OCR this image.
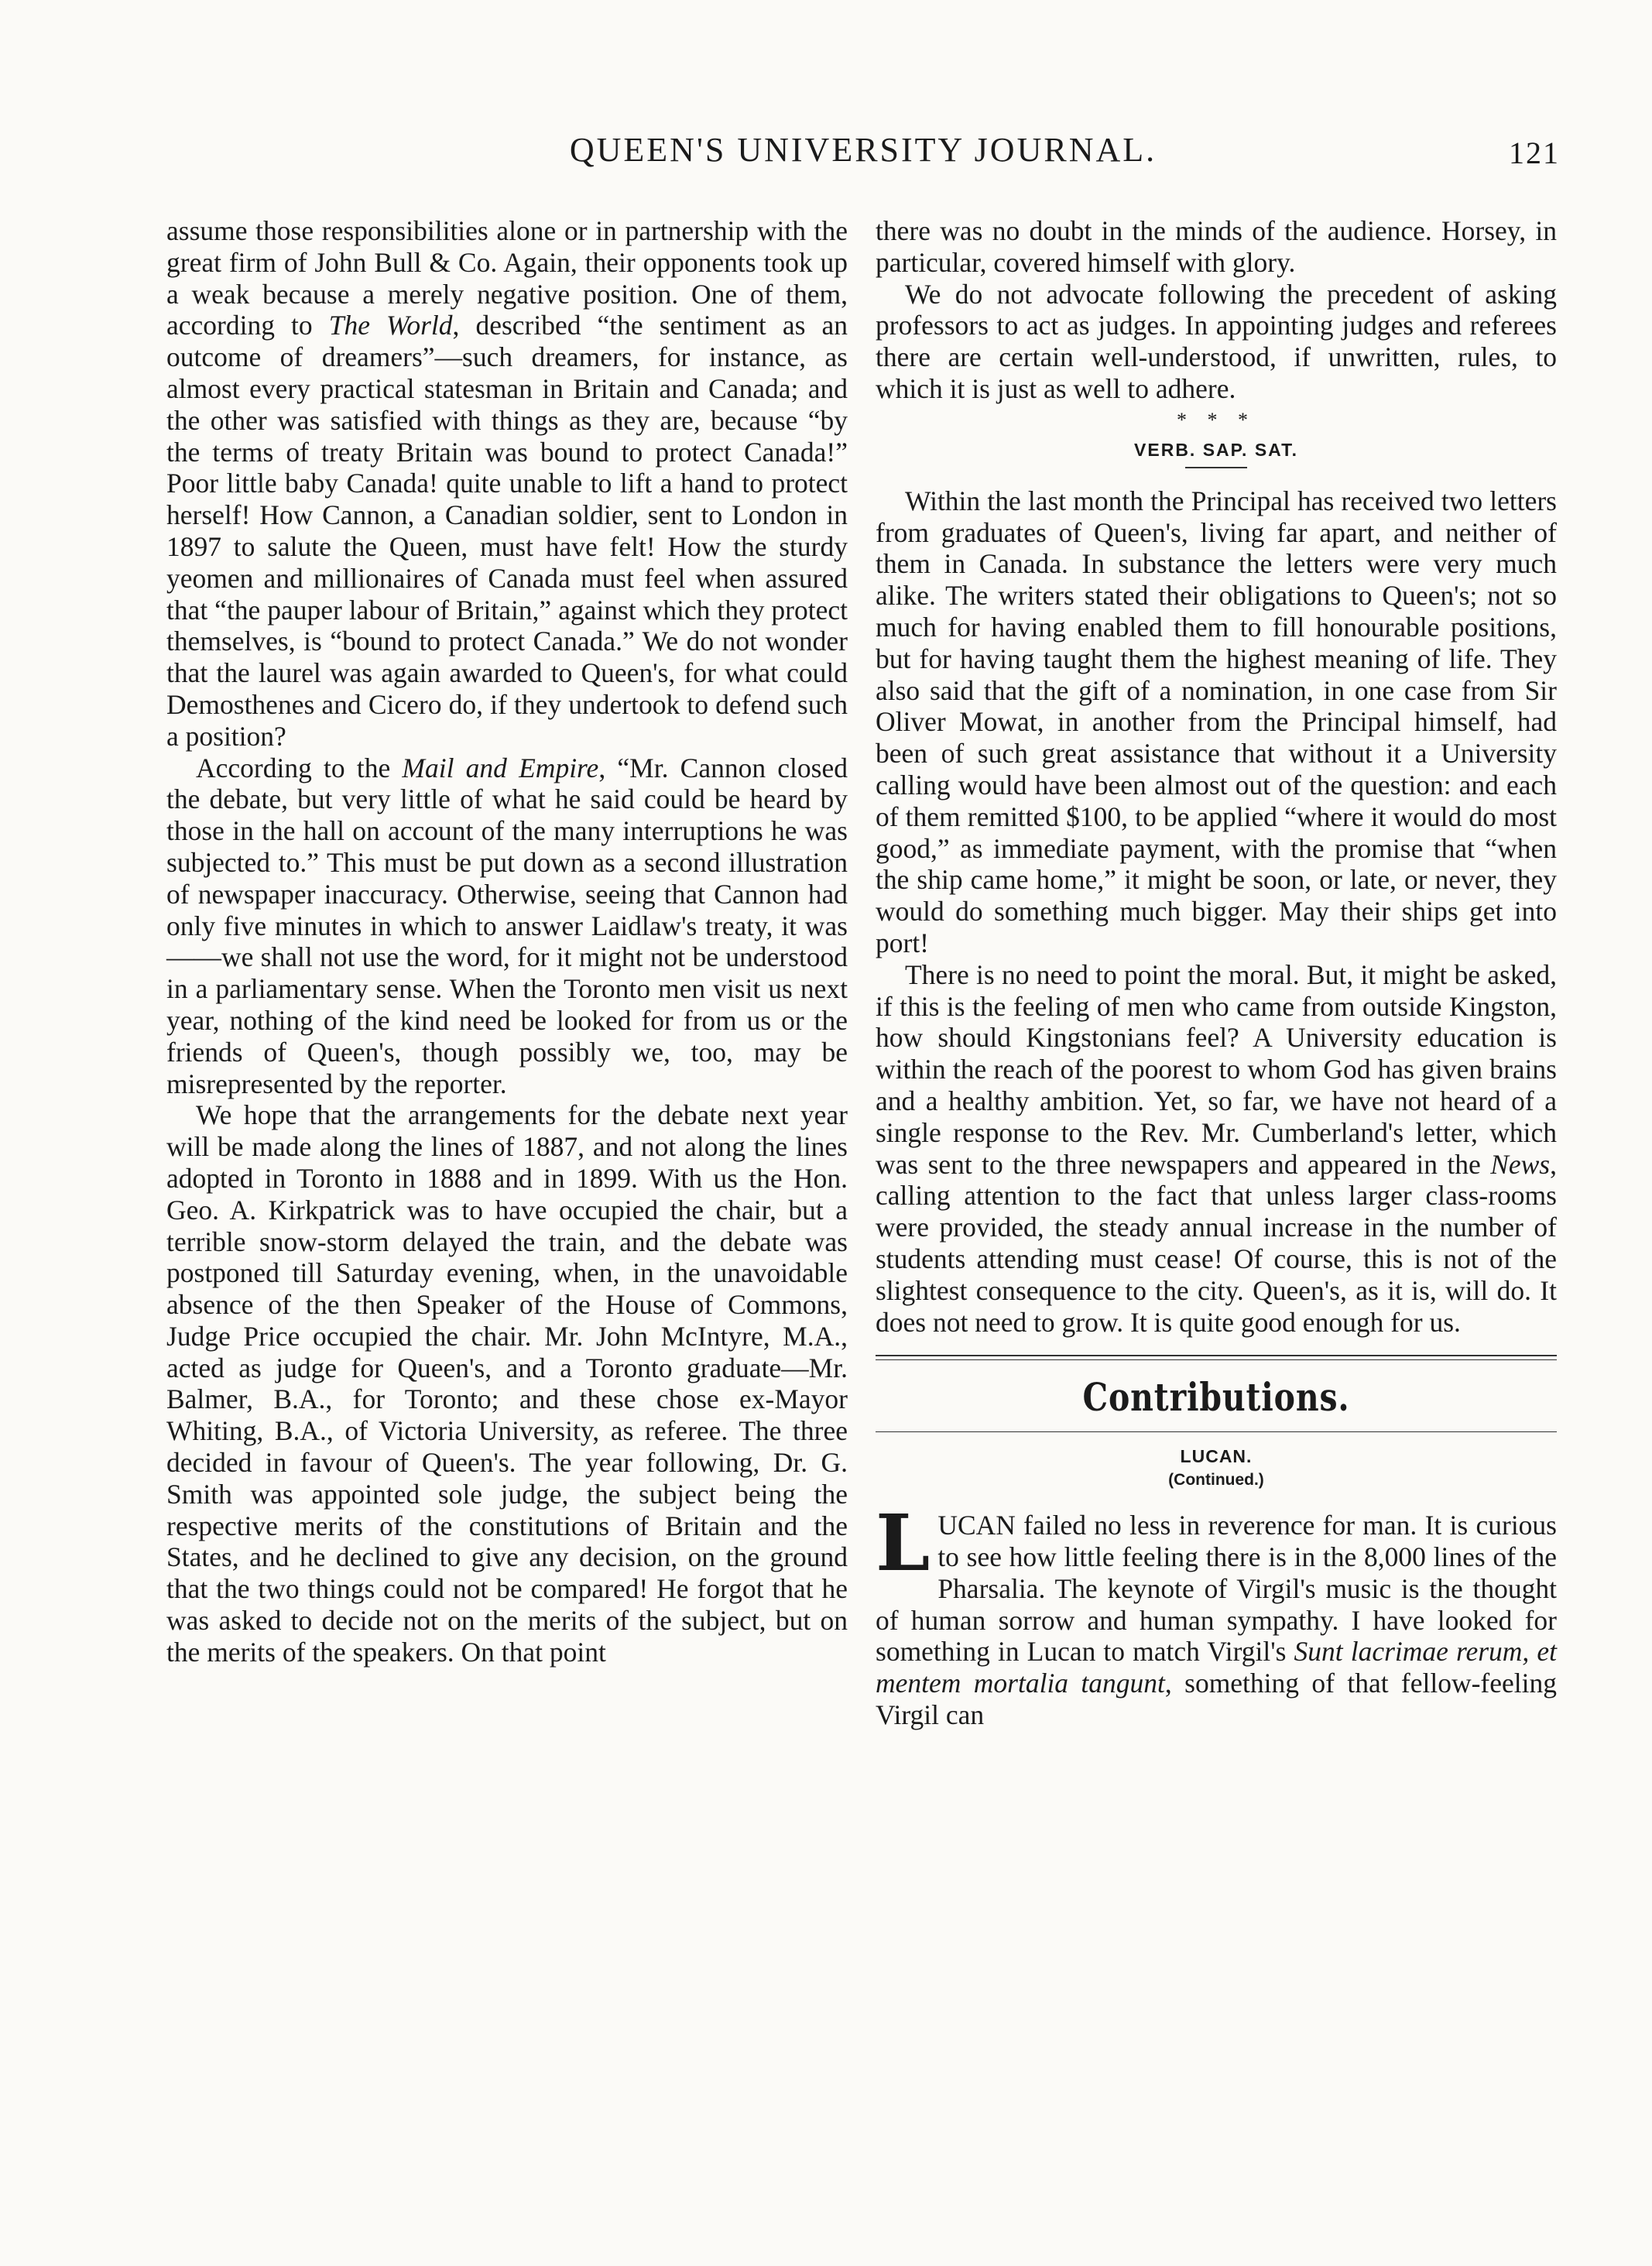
QUEEN'S UNIVERSITY JOURNAL.	121

assume those responsibilities alone or in partnership with the great firm of John Bull & Co. Again, their opponents took up a weak because a merely negative position. One of them, according to The World, described “the sentiment as an outcome of dreamers”—such dreamers, for instance, as almost every practical statesman in Britain and Canada; and the other was satisfied with things as they are, because “by the terms of treaty Britain was bound to protect Canada!” Poor little baby Canada! quite unable to lift a hand to protect herself! How Cannon, a Canadian soldier, sent to London in 1897 to salute the Queen, must have felt! How the sturdy yeomen and millionaires of Canada must feel when assured that “the pauper labour of Britain,” against which they protect themselves, is “bound to protect Canada.” We do not wonder that the laurel was again awarded to Queen's, for what could Demosthenes and Cicero do, if they undertook to defend such a position?

According to the Mail and Empire, “Mr. Cannon closed the debate, but very little of what he said could be heard by those in the hall on account of the many interruptions he was subjected to.” This must be put down as a second illustration of newspaper inaccuracy. Otherwise, seeing that Cannon had only five minutes in which to answer Laidlaw's treaty, it was——we shall not use the word, for it might not be understood in a parliamentary sense. When the Toronto men visit us next year, nothing of the kind need be looked for from us or the friends of Queen's, though possibly we, too, may be misrepresented by the reporter.

We hope that the arrangements for the debate next year will be made along the lines of 1887, and not along the lines adopted in Toronto in 1888 and in 1899. With us the Hon. Geo. A. Kirkpatrick was to have occupied the chair, but a terrible snow-storm delayed the train, and the debate was postponed till Saturday evening, when, in the unavoidable absence of the then Speaker of the House of Commons, Judge Price occupied the chair. Mr. John McIntyre, M.A., acted as judge for Queen's, and a Toronto graduate—Mr. Balmer, B.A., for Toronto; and these chose ex-Mayor Whiting, B.A., of Victoria University, as referee. The three decided in favour of Queen's. The year following, Dr. G. Smith was appointed sole judge, the subject being the respective merits of the constitutions of Britain and the States, and he declined to give any decision, on the ground that the two things could not be compared! He forgot that he was asked to decide not on the merits of the subject, but on the merits of the speakers. On that point

there was no doubt in the minds of the audience. Horsey, in particular, covered himself with glory.

We do not advocate following the precedent of asking professors to act as judges. In appointing judges and referees there are certain well-understood, if unwritten, rules, to which it is just as well to adhere.

* * *
VERB. SAP. SAT.

Within the last month the Principal has received two letters from graduates of Queen's, living far apart, and neither of them in Canada. In substance the letters were very much alike. The writers stated their obligations to Queen's; not so much for having enabled them to fill honourable positions, but for having taught them the highest meaning of life. They also said that the gift of a nomination, in one case from Sir Oliver Mowat, in another from the Principal himself, had been of such great assistance that without it a University calling would have been almost out of the question: and each of them remitted $100, to be applied “where it would do most good,” as immediate payment, with the promise that “when the ship came home,” it might be soon, or late, or never, they would do something much bigger. May their ships get into port!

There is no need to point the moral. But, it might be asked, if this is the feeling of men who came from outside Kingston, how should Kingstonians feel? A University education is within the reach of the poorest to whom God has given brains and a healthy ambition. Yet, so far, we have not heard of a single response to the Rev. Mr. Cumberland's letter, which was sent to the three newspapers and appeared in the News, calling attention to the fact that unless larger class-rooms were provided, the steady annual increase in the number of students attending must cease! Of course, this is not of the slightest consequence to the city. Queen's, as it is, will do. It does not need to grow. It is quite good enough for us.

Contributions.
LUCAN.
(Continued.)

LUCAN failed no less in reverence for man. It is curious to see how little feeling there is in the 8,000 lines of the Pharsalia. The keynote of Virgil's music is the thought of human sorrow and human sympathy. I have looked for something in Lucan to match Virgil's Sunt lacrimae rerum, et mentem mortalia tangunt, something of that fellow-feeling Virgil can
